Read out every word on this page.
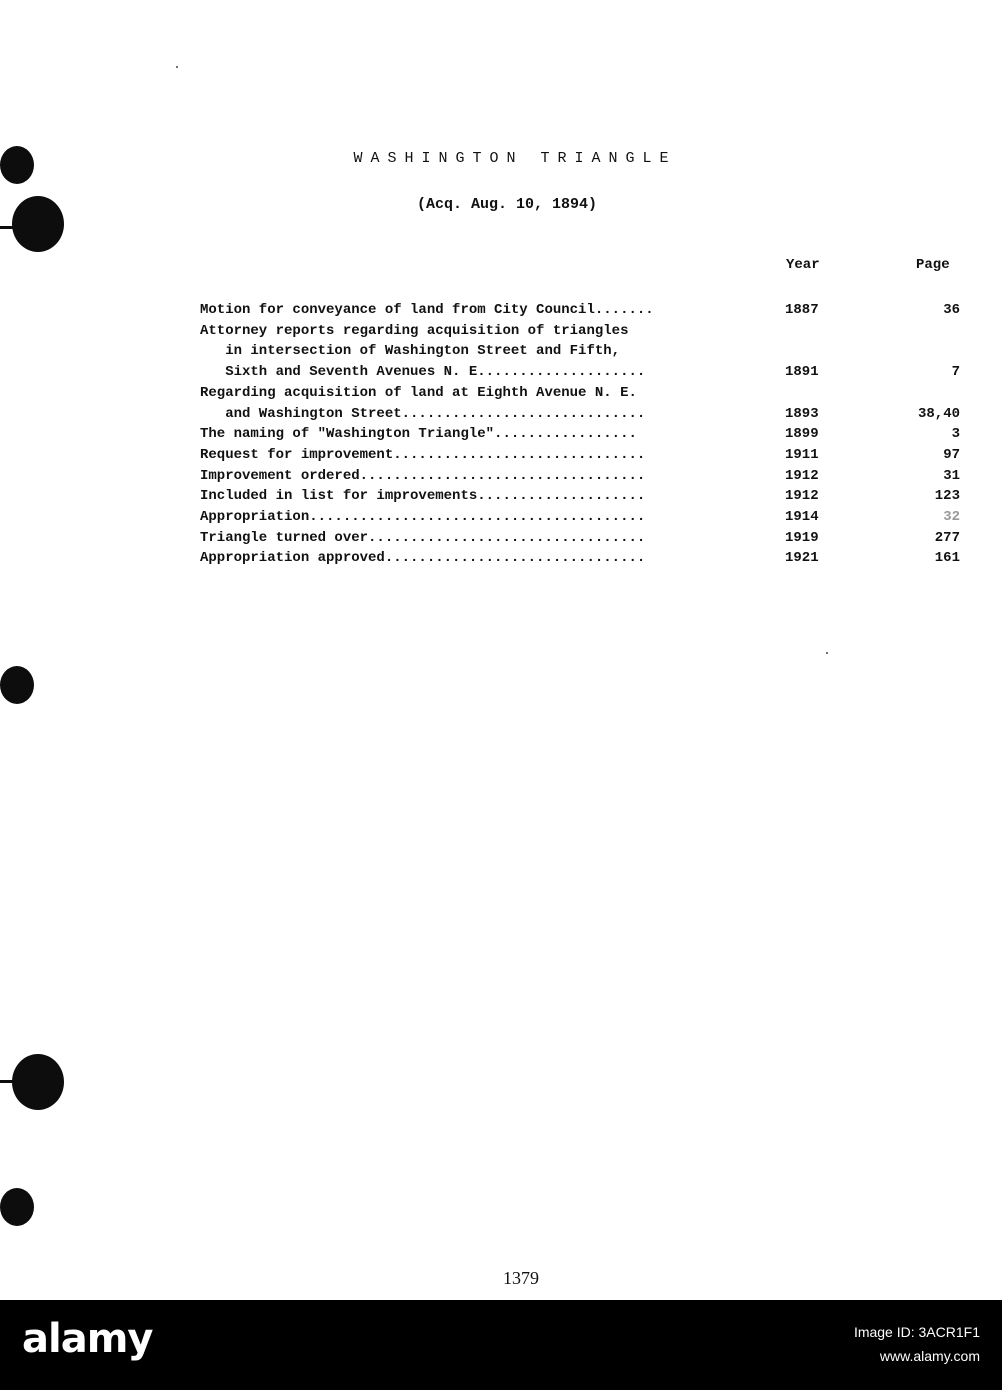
WASHINGTON TRIANGLE
(Acq. Aug. 10, 1894)
Year	Page
Motion for conveyance of land from City Council.......	1887	36
Attorney reports regarding acquisition of triangles
in intersection of Washington Street and Fifth,
Sixth and Seventh Avenues N. E....................	1891	7
Regarding acquisition of land at Eighth Avenue N. E.
and Washington Street.............................	1893	38,40
The naming of "Washington Triangle".................	1899	3
Request for improvement..............................	1911	97
Improvement ordered..................................	1912	31
Included in list for improvements....................	1912	123
Appropriation........................................	1914	32
Triangle turned over.................................	1919	277
Appropriation approved...............................	1921	161
1379
alamy	Image ID: 3ACR1F1
www.alamy.com
